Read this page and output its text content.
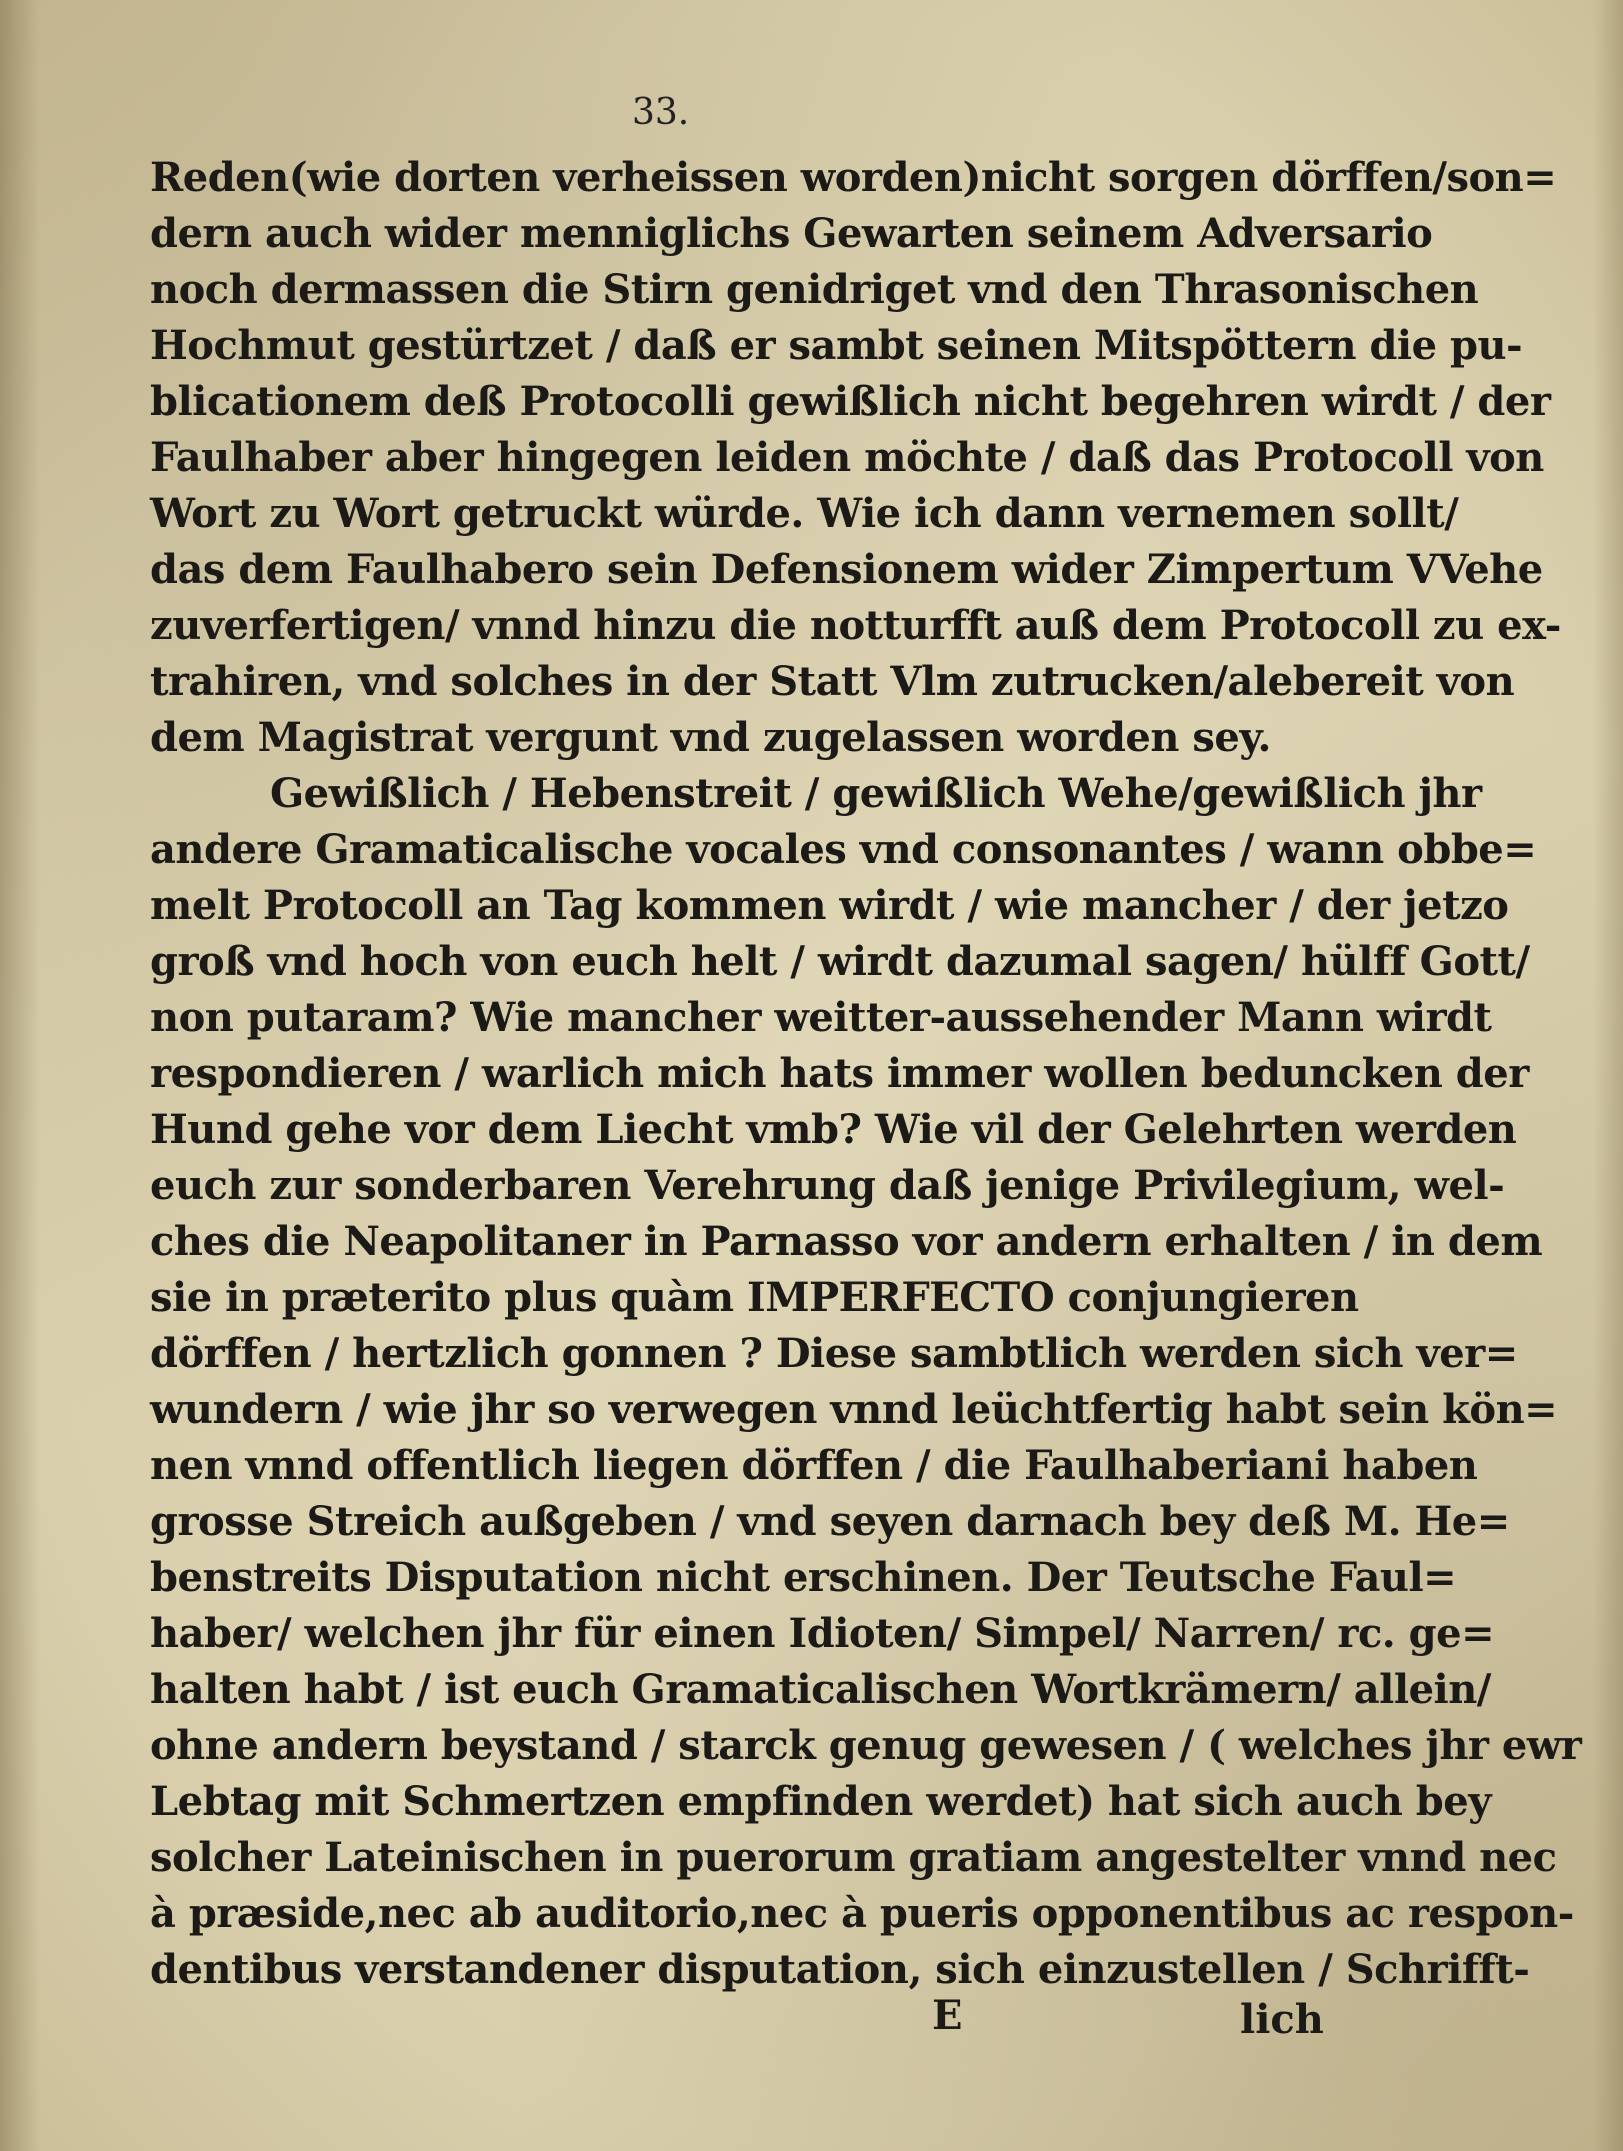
33.
Reden(wie dorten verheissen worden)nicht sorgen dörffen/son=
dern auch wider menniglichs Gewarten seinem Adversario
noch dermassen die Stirn genidriget vnd den Thrasonischen
Hochmut gestürtzet / daß er sambt seinen Mitspöttern die pu-
blicationem deß Protocolli gewißlich nicht begehren wirdt / der
Faulhaber aber hingegen leiden möchte / daß das Protocoll von
Wort zu Wort getruckt würde. Wie ich dann vernemen sollt/
das dem Faulhabero sein Defensionem wider Zimpertum VVehe
zuverfertigen/ vnnd hinzu die notturfft auß dem Protocoll zu ex-
trahiren, vnd solches in der Statt Vlm zutrucken/alebereit von
dem Magistrat vergunt vnd zugelassen worden sey.
Gewißlich / Hebenstreit / gewißlich Wehe/gewißlich jhr
andere Gramaticalische vocales vnd consonantes / wann obbe=
melt Protocoll an Tag kommen wirdt / wie mancher / der jetzo
groß vnd hoch von euch helt / wirdt dazumal sagen/ hülff Gott/
non putaram? Wie mancher weitter-aussehender Mann wirdt
respondieren / warlich mich hats immer wollen beduncken der
Hund gehe vor dem Liecht vmb? Wie vil der Gelehrten werden
euch zur sonderbaren Verehrung daß jenige Privilegium, wel-
ches die Neapolitaner in Parnasso vor andern erhalten / in dem
sie in præterito plus quàm IMPERFECTO conjungieren
dörffen / hertzlich gonnen ? Diese sambtlich werden sich ver=
wundern / wie jhr so verwegen vnnd leüchtfertig habt sein kön=
nen vnnd offentlich liegen dörffen / die Faulhaberiani haben
grosse Streich außgeben / vnd seyen darnach bey deß M. He=
benstreits Disputation nicht erschinen. Der Teutsche Faul=
haber/ welchen jhr für einen Idioten/ Simpel/ Narren/ rc. ge=
halten habt / ist euch Gramaticalischen Wortkrämern/ allein/
ohne andern beystand / starck genug gewesen / ( welches jhr ewr
Lebtag mit Schmertzen empfinden werdet) hat sich auch bey
solcher Lateinischen in puerorum gratiam angestelter vnnd nec
à præside,nec ab auditorio,nec à pueris opponentibus ac respon-
dentibus verstandener disputation, sich einzustellen / Schrifft-
E	lich
